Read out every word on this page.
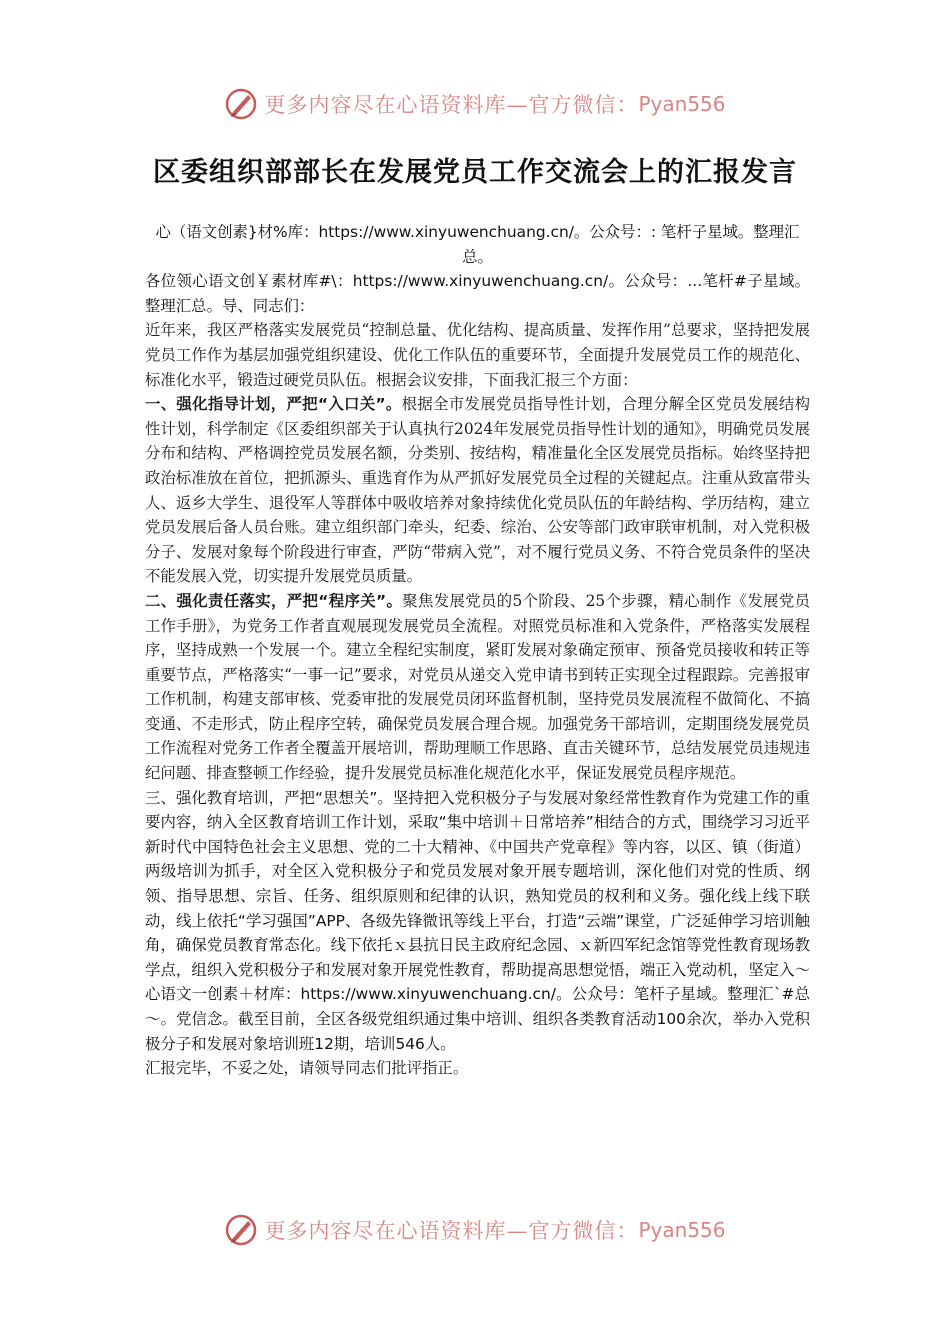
更多内容尽在心语资料库—官方微信： Pyan556
区委组织部部长在发展党员工作交流会上的汇报发言

心（语文创素}材%库：https://www.xinyuwenchuang.cn/。公众号：: 笔杆子星域。整理汇总。

各位领心语文创￥素材库#\：https://www.xinyuwenchuang.cn/。公众号：...笔杆#子星域。整理汇总。导、同志们：

近年来，我区严格落实发展党员“控制总量、优化结构、提高质量、发挥作用”总要求，坚持把发展党员工作作为基层加强党组织建设、优化工作队伍的重要环节，全面提升发展党员工作的规范化、标准化水平，锻造过硬党员队伍。根据会议安排，下面我汇报三个方面：

一、强化指导计划，严把“入口关”。根据全市发展党员指导性计划，合理分解全区党员发展结构性计划，科学制定《区委组织部关于认真执行2024年发展党员指导性计划的通知》，明确党员发展分布和结构、严格调控党员发展名额，分类别、按结构，精准量化全区发展党员指标。始终坚持把政治标准放在首位，把抓源头、重选育作为从严抓好发展党员全过程的关键起点。注重从致富带头人、返乡大学生、退役军人等群体中吸收培养对象持续优化党员队伍的年龄结构、学历结构，建立党员发展后备人员台账。建立组织部门牵头，纪委、综治、公安等部门政审联审机制，对入党积极分子、发展对象每个阶段进行审查，严防“带病入党”，对不履行党员义务、不符合党员条件的坚决不能发展入党，切实提升发展党员质量。

二、强化责任落实，严把“程序关”。聚焦发展党员的5个阶段、25个步骤，精心制作《发展党员工作手册》，为党务工作者直观展现发展党员全流程。对照党员标准和入党条件，严格落实发展程序，坚持成熟一个发展一个。建立全程纪实制度，紧盯发展对象确定预审、预备党员接收和转正等重要节点，严格落实“一事一记”要求，对党员从递交入党申请书到转正实现全过程跟踪。完善报审工作机制，构建支部审核、党委审批的发展党员闭环监督机制，坚持党员发展流程不做简化、不搞变通、不走形式，防止程序空转，确保党员发展合理合规。加强党务干部培训，定期围绕发展党员工作流程对党务工作者全覆盖开展培训，帮助理顺工作思路、直击关键环节，总结发展党员违规违纪问题、排查整顿工作经验，提升发展党员标准化规范化水平，保证发展党员程序规范。

三、强化教育培训，严把“思想关”。坚持把入党积极分子与发展对象经常性教育作为党建工作的重要内容，纳入全区教育培训工作计划，采取“集中培训＋日常培养”相结合的方式，围绕学习习近平新时代中国特色社会主义思想、党的二十大精神、《中国共产党章程》等内容，以区、镇（街道）两级培训为抓手，对全区入党积极分子和党员发展对象开展专题培训，深化他们对党的性质、纲领、指导思想、宗旨、任务、组织原则和纪律的认识，熟知党员的权利和义务。强化线上线下联动，线上依托“学习强国”APP、各级先锋微讯等线上平台，打造“云端”课堂，广泛延伸学习培训触角，确保党员教育常态化。线下依托ｘ县抗日民主政府纪念园、ｘ新四军纪念馆等党性教育现场教学点，组织入党积极分子和发展对象开展党性教育，帮助提高思想觉悟，端正入党动机，坚定入～心语文一创素＋材库：https://www.xinyuwenchuang.cn/。公众号：笔杆子星域。整理汇`#总～。党信念。截至目前，全区各级党组织通过集中培训、组织各类教育活动100余次，举办入党积极分子和发展对象培训班12期，培训546人。

汇报完毕，不妥之处，请领导同志们批评指正。

更多内容尽在心语资料库—官方微信： Pyan556
